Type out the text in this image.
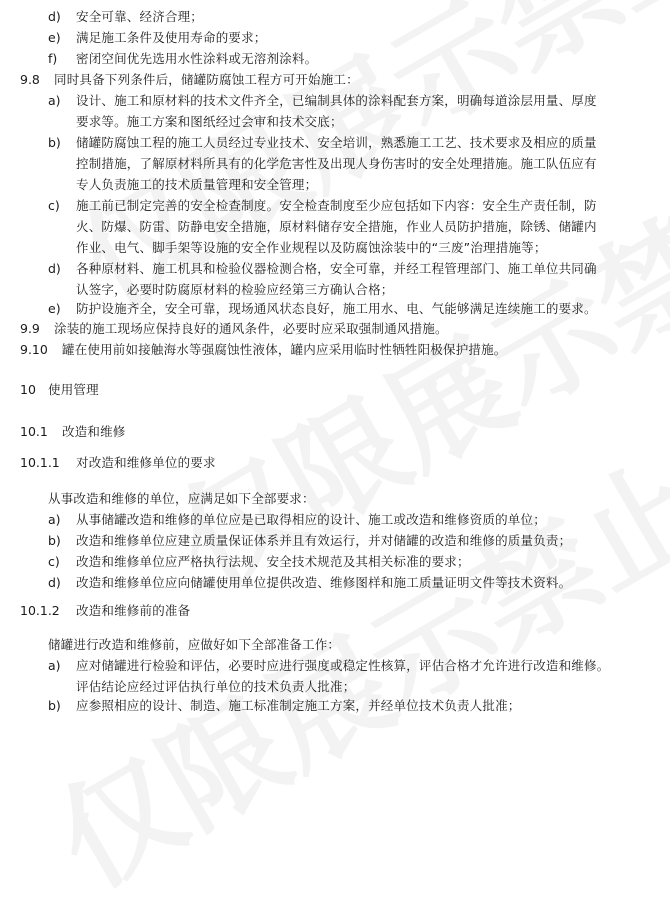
d) 安全可靠、经济合理；
e) 满足施工条件及使用寿命的要求；
f) 密闭空间优先选用水性涂料或无溶剂涂料。
9.8 同时具备下列条件后，储罐防腐蚀工程方可开始施工：
a) 设计、施工和原材料的技术文件齐全，已编制具体的涂料配套方案，明确每道涂层用量、厚度
要求等。施工方案和图纸经过会审和技术交底；
b) 储罐防腐蚀工程的施工人员经过专业技术、安全培训，熟悉施工工艺、技术要求及相应的质量
控制措施，了解原材料所具有的化学危害性及出现人身伤害时的安全处理措施。施工队伍应有
专人负责施工的技术质量管理和安全管理；
c) 施工前已制定完善的安全检查制度。安全检查制度至少应包括如下内容：安全生产责任制，防
火、防爆、防雷、防静电安全措施，原材料储存安全措施，作业人员防护措施，除锈、储罐内
作业、电气、脚手架等设施的安全作业规程以及防腐蚀涂装中的“三废”治理措施等；
d) 各种原材料、施工机具和检验仪器检测合格，安全可靠，并经工程管理部门、施工单位共同确
认签字，必要时防腐原材料的检验应经第三方确认合格；
e) 防护设施齐全，安全可靠，现场通风状态良好，施工用水、电、气能够满足连续施工的要求。
9.9 涂装的施工现场应保持良好的通风条件，必要时应采取强制通风措施。
9.10 罐在使用前如接触海水等强腐蚀性液体，罐内应采用临时性牺牲阳极保护措施。
10 使用管理
10.1 改造和维修
10.1.1 对改造和维修单位的要求
从事改造和维修的单位，应满足如下全部要求：
a) 从事储罐改造和维修的单位应是已取得相应的设计、施工或改造和维修资质的单位；
b) 改造和维修单位应建立质量保证体系并且有效运行，并对储罐的改造和维修的质量负责；
c) 改造和维修单位应严格执行法规、安全技术规范及其相关标准的要求；
d) 改造和维修单位应向储罐使用单位提供改造、维修图样和施工质量证明文件等技术资料。
10.1.2 改造和维修前的准备
储罐进行改造和维修前，应做好如下全部准备工作：
a) 应对储罐进行检验和评估，必要时应进行强度或稳定性核算，评估合格才允许进行改造和维修。
评估结论应经过评估执行单位的技术负责人批准；
b) 应参照相应的设计、制造、施工标准制定施工方案，并经单位技术负责人批准；
